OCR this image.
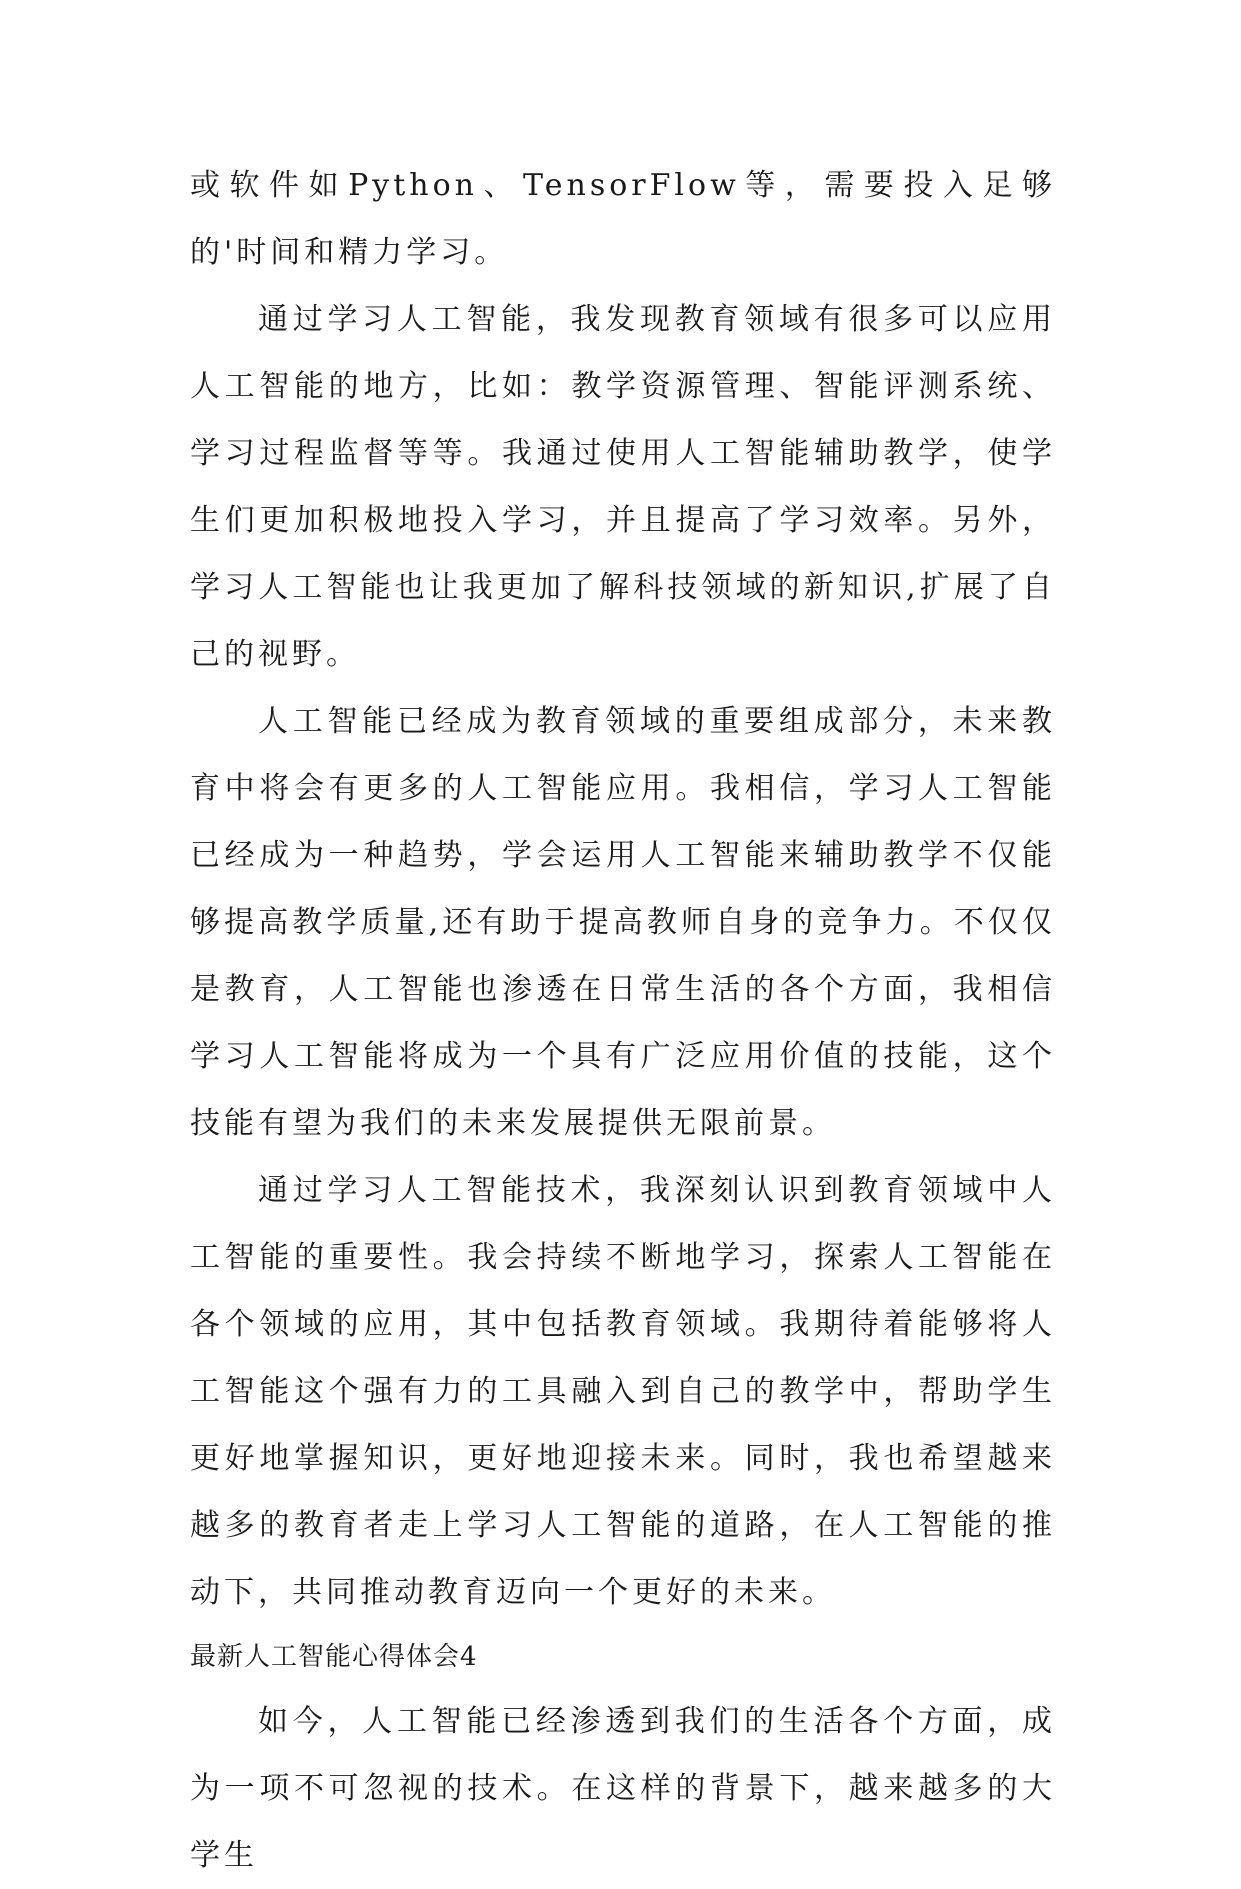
或软件如Python、TensorFlow等，需要投入足够的'时间和精力学习。

通过学习人工智能，我发现教育领域有很多可以应用人工智能的地方，比如：教学资源管理、智能评测系统、学习过程监督等等。我通过使用人工智能辅助教学，使学生们更加积极地投入学习，并且提高了学习效率。另外，学习人工智能也让我更加了解科技领域的新知识,扩展了自己的视野。

人工智能已经成为教育领域的重要组成部分，未来教育中将会有更多的人工智能应用。我相信，学习人工智能已经成为一种趋势，学会运用人工智能来辅助教学不仅能够提高教学质量,还有助于提高教师自身的竞争力。不仅仅是教育，人工智能也渗透在日常生活的各个方面，我相信学习人工智能将成为一个具有广泛应用价值的技能，这个技能有望为我们的未来发展提供无限前景。

通过学习人工智能技术，我深刻认识到教育领域中人工智能的重要性。我会持续不断地学习，探索人工智能在各个领域的应用，其中包括教育领域。我期待着能够将人工智能这个强有力的工具融入到自己的教学中，帮助学生更好地掌握知识，更好地迎接未来。同时，我也希望越来越多的教育者走上学习人工智能的道路，在人工智能的推动下，共同推动教育迈向一个更好的未来。

最新人工智能心得体会4

如今，人工智能已经渗透到我们的生活各个方面，成为一项不可忽视的技术。在这样的背景下，越来越多的大学生
